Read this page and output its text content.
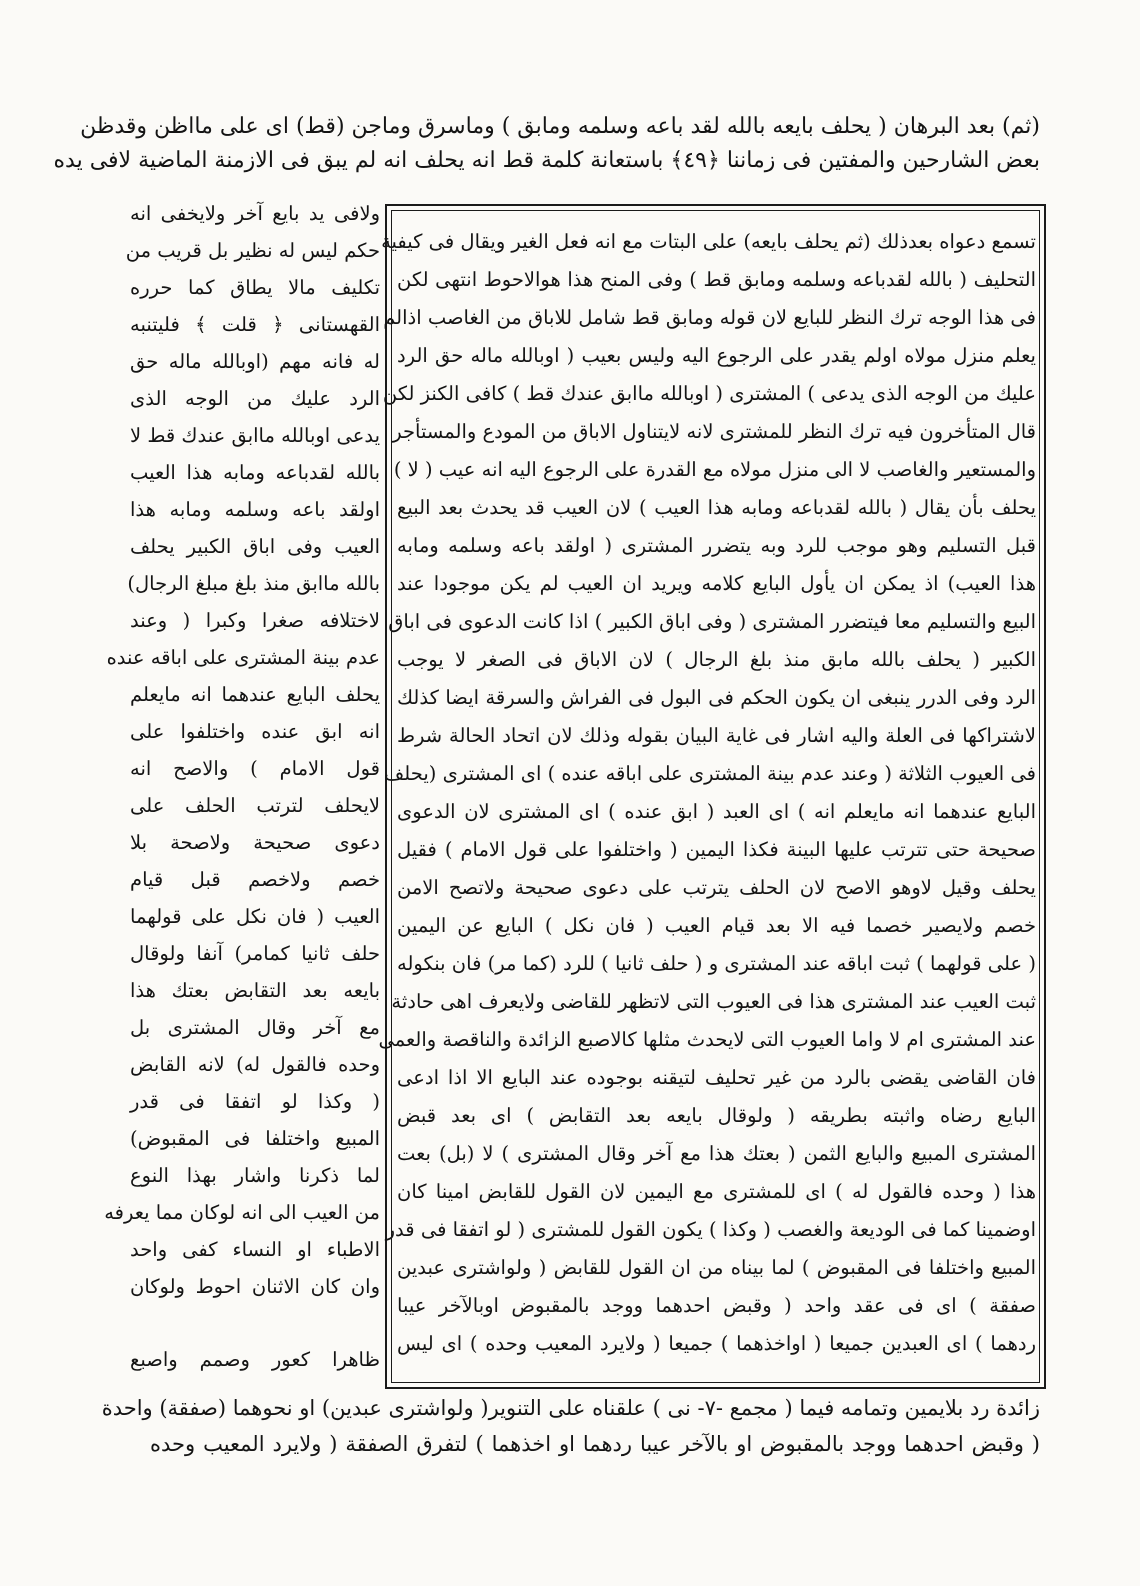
(ثم) بعد البرهان ( يحلف بايعه بالله لقد باعه وسلمه ومابق ) وماسرق وماجن (قط) اى على مااظن وقدظن
بعض الشارحين والمفتين فى زماننا ﴿٤٩﴾ باستعانة كلمة قط انه يحلف انه لم يبق فى الازمنة الماضية لافى يده
ولافى يد بايع آخر ولايخفى انه
حكم ليس له نظير بل قريب من
تكليف مالا يطاق كما حرره
القهستانى ﴿ قلت ﴾ فليتنبه
له فانه مهم (اوبالله ماله حق
الرد عليك من الوجه الذى
يدعى اوبالله ماابق عندك قط لا
بالله لقدباعه ومابه هذا العيب
اولقد باعه وسلمه ومابه هذا
العيب وفى اباق الكبير يحلف
بالله ماابق منذ بلغ مبلغ الرجال)
لاختلافه صغرا وكبرا ( وعند
عدم بينة المشترى على اباقه عنده
يحلف البايع عندهما انه مايعلم
انه ابق عنده واختلفوا على
قول الامام ) والاصح انه
لايحلف لترتب الحلف على
دعوى صحيحة ولاصحة بلا
خصم ولاخصم قبل قيام
العيب ( فان نكل على قولهما
حلف ثانيا كمامر) آنفا ولوقال
بايعه بعد التقابض بعتك هذا
مع آخر وقال المشترى بل
وحده فالقول له) لانه القابض
( وكذا لو اتفقا فى قدر
المبيع واختلفا فى المقبوض)
لما ذكرنا واشار بهذا النوع
من العيب الى انه لوكان مما يعرفه
الاطباء او النساء كفى واحد
وان كان الاثنان احوط ولوكان
ظاهرا كعور وصمم واصبع
تسمع دعواه بعدذلك (ثم يحلف بايعه) على البتات مع انه فعل الغير ويقال فى كيفية
التحليف ( بالله لقدباعه وسلمه ومابق قط ) وفى المنح هذا هوالاحوط انتهى لكن
فى هذا الوجه ترك النظر للبايع لان قوله ومابق قط شامل للاباق من الغاصب اذالم
يعلم منزل مولاه اولم يقدر على الرجوع اليه وليس بعيب ( اوبالله ماله حق الرد
عليك من الوجه الذى يدعى ) المشترى ( اوبالله ماابق عندك قط ) كافى الكنز لكن
قال المتأخرون فيه ترك النظر للمشترى لانه لايتناول الاباق من المودع والمستأجر
والمستعير والغاصب لا الى منزل مولاه مع القدرة على الرجوع اليه انه عيب ( لا )
يحلف بأن يقال ( بالله لقدباعه ومابه هذا العيب ) لان العيب قد يحدث بعد البيع
قبل التسليم وهو موجب للرد وبه يتضرر المشترى ( اولقد باعه وسلمه ومابه
هذا العيب) اذ يمكن ان يأول البايع كلامه ويريد ان العيب لم يكن موجودا عند
البيع والتسليم معا فيتضرر المشترى ( وفى اباق الكبير ) اذا كانت الدعوى فى اباق
الكبير ( يحلف بالله مابق منذ بلغ الرجال ) لان الاباق فى الصغر لا يوجب
الرد وفى الدرر ينبغى ان يكون الحكم فى البول فى الفراش والسرقة ايضا كذلك
لاشتراكها فى العلة واليه اشار فى غاية البيان بقوله وذلك لان اتحاد الحالة شرط
فى العيوب الثلاثة ( وعند عدم بينة المشترى على اباقه عنده ) اى المشترى (يحلف
البايع عندهما انه مايعلم انه ) اى العبد ( ابق عنده ) اى المشترى لان الدعوى
صحيحة حتى تترتب عليها البينة فكذا اليمين ( واختلفوا على قول الامام ) فقيل
يحلف وقيل لاوهو الاصح لان الحلف يترتب على دعوى صحيحة ولاتصح الامن
خصم ولايصير خصما فيه الا بعد قيام العيب ( فان نكل ) البايع عن اليمين
( على قولهما ) ثبت اباقه عند المشترى و ( حلف ثانيا ) للرد (كما مر) فان بنكوله
ثبت العيب عند المشترى هذا فى العيوب التى لاتظهر للقاضى ولايعرف اهى حادثة
عند المشترى ام لا واما العيوب التى لايحدث مثلها كالاصبع الزائدة والناقصة والعمى
فان القاضى يقضى بالرد من غير تحليف لتيقنه بوجوده عند البايع الا اذا ادعى
البايع رضاه واثبته بطريقه ( ولوقال بايعه بعد التقابض ) اى بعد قبض
المشترى المبيع والبايع الثمن ( بعتك هذا مع آخر وقال المشترى ) لا (بل) بعت
هذا ( وحده فالقول له ) اى للمشترى مع اليمين لان القول للقابض امينا كان
اوضمينا كما فى الوديعة والغصب ( وكذا ) يكون القول للمشترى ( لو اتفقا فى قدر
المبيع واختلفا فى المقبوض ) لما بيناه من ان القول للقابض ( ولواشترى عبدين
صفقة ) اى فى عقد واحد ( وقبض احدهما ووجد بالمقبوض اوبالآخر عيبا
ردهما ) اى العبدين جميعا ( اواخذهما ) جميعا ( ولايرد المعيب وحده ) اى ليس
زائدة رد بلايمين وتمامه فيما ( مجمع -٧- نى ) علقناه على التنوير( ولواشترى عبدين) او نحوهما (صفقة) واحدة
( وقبض احدهما ووجد بالمقبوض او بالآخر عيبا ردهما او اخذهما ) لتفرق الصفقة ( ولايرد المعيب وحده
